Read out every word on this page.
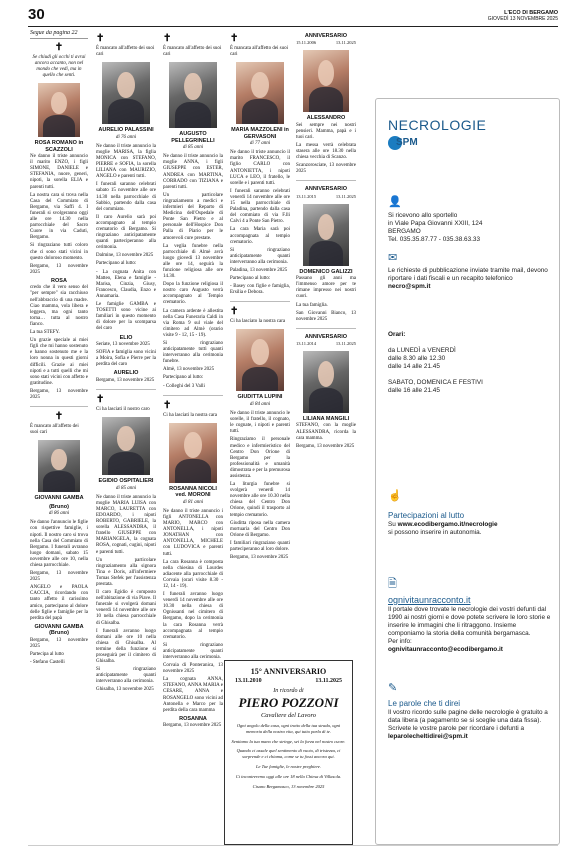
30	L'ECO DI BERGAMO
GIOVEDÌ 13 NOVEMBRE 2025
Segue da pagina 22
✝
Se chiudi gli occhi ti avrai ancora accanto, non nel mondo che vedi, ma in quello che senti.
ROSA ROMANO in SCAZZOLI

Ne danno il triste annuncio il marito ENZO, i figli SIMONE, DANIELE e STEFANIA, nuore, generi, nipoti, la sorella ELIA e parenti tutti.

La nostra cara si trova nella Casa del Commiato di Bergamo, via Saffi 4. I funerali si svolgeranno oggi alle ore 14.30 nella parrocchiale del Sacro Cuore in via Caduti, Bergamo.

Si ringraziano tutti coloro che ci sono stati vicini in questo doloroso momento.

Bergamo, 13 novembre 2025

ROSA

credo che il vero senso del "per sempre" sia racchiuso nell'abbraccio di una madre. Ciao mamma, vola libera e leggera, ma ogni tanto torna… tutta al nostro fianco.

La tua STEFY.

Un grazie speciale ai miei figli che mi hanno sostenuto e hanno sostenuto me e la loro nonna in questi giorni difficili. Grazie ai miei nipoti e a tutti quelli che mi sono stati vicini con affetto e gratitudine.

Bergamo, 13 novembre 2025

✝
È mancato all'affetto dei suoi cari
GIOVANNI GAMBA
(Bruno)
di 86 anni

Ne danno l'annuncio le figlie con rispettive famiglie, i nipoti. Il nostro caro si trova nella Casa del Commiato di Bergamo. I funerali avranno luogo domani, sabato 15 novembre alle ore 10, nella chiesa parrocchiale.

Bergamo, 13 novembre 2025

ANGELO e PAOLA CACCIA, ricordando con tanto affetto il carissimo amico, partecipano al dolore delle figlie e famiglie per la perdita del papà

GIOVANNI GAMBA (Bruno)

Bergamo, 13 novembre 2025

Partecipa al lutto

- Stefano Castelli

✝
È mancato all'affetto dei suoi cari
AURELIO PALASSINI
di 76 anni

Ne danno il triste annuncio la moglie MARISA, la figlia MONICA con STEFANO, PIERRE e SOFIA, la sorella LILIANA con MAURIZIO, ANGELO e parenti tutti.

I funerali saranno celebrati sabato 15 novembre alle ore 14.30 nella parrocchiale di Sabbio, partendo dalla casa del commiato.

Il caro Aurelio sarà poi accompagnato al tempio crematorio di Bergamo. Si ringraziano anticipatamente quanti parteciperanno alla cerimonia.

Dalmine, 13 novembre 2025

Partecipano al lutto:

- La cognata Anita con Matteo, Elena e famiglie - Marisa, Cinzia, Giusy, Francesco, Claudia, Enzo e Annamaria.

Le famiglie GAMBA e TOSETTI sono vicine ai familiari in questo momento di dolore per la scomparsa del caro

ELIO

Seriate, 13 novembre 2025

SOFIA e famiglia sono vicini a Moira, Sofia e Pierre per la perdita del caro

AURELIO

Bergamo, 13 novembre 2025

✝
Ci ha lasciati il nostro caro
EGIDIO OSPITALIERI
di 85 anni

Ne danno il triste annuncio la moglie MARIA LUISA con MARCO, LAURETTA con EDOARDO, i nipoti ROBERTO, GABRIELE, la sorella ALESSANDRA, il fratello GIUSEPPE con MARIANGELA, la cognata ROSA, cognati, cugini, nipoti e parenti tutti.

Un particolare ringraziamento alla signora Tina e Doris, all'infermiere Tomas Stefek per l'assistenza prestata.

Il caro Egidio è composto nell'abitazione di via Piave. Il funerale si svolgerà domani venerdì 14 novembre alle ore 10 nella chiesa parrocchiale di Ghisalba.

I funerali avranno luogo domani alle ore 10 nella chiesa di Ghisalba. Al termine della funzione si proseguirà per il cimitero di Ghisalba.

Si ringraziano anticipatamente quanti interverranno alla cerimonia.

Ghisalba, 13 novembre 2025

✝
È mancato all'affetto dei suoi cari
AUGUSTO PELLEGRINELLI
di 85 anni

Ne danno il triste annuncio la moglie ANNA, i figli GIUSEPPE con ESTER, ANDREA con MARTINA, CORRADO con TIZIANA e parenti tutti.

Un particolare ringraziamento a medici e infermieri del Reparto di Medicina dell'Ospedale di Ponte San Pietro e al personale dell'Hospice Don Palla di Piario per le amorevoli cure prestate.

La veglia funebre nella parrocchiale di Almè avrà luogo giovedì 13 novembre alle ore 14, seguirà la funzione religiosa alle ore 14.30.

Dopo la funzione religiosa il nostro caro Augusto verrà accompagnato al Tempio crematorio.

La camera ardente è allestita nella Casa Funeraria Caldi in via Roma 9 sul viale del cimitero ad Almè (orario visite 9 - 12, 15 - 19).

Si ringraziano anticipatamente tutti quanti interverranno alla cerimonia funebre.

Almè, 13 novembre 2025

Partecipano al lutto:

- Colleghi del 3 Valli

✝
Ci ha lasciati la nostra cara
ROSANNA NICOLI ved. MORONI
di 81 anni

Ne danno il triste annuncio i figli ANTONELLA con MARIO, MARCO con ANTONELLA, i nipoti JONATHAN con ANTONELLA, MICHELE con LUDOVICA e parenti tutti.

La cara Rosanna è composta nella chiesina di Lourdes adiacente alla parrocchiale di Corvaia (orari visite 8.30 - 12, 14 - 19).

I funerali avranno luogo venerdì 14 novembre alle ore 10.30 nella chiesa di Ognissanti nel cimitero di Bergamo, dopo la cerimonia la cara Rosanna verrà accompagnata al tempio crematorio.

Si ringraziano anticipatamente quanti interverranno alla cerimonia.

Corvaia di Ponteranica, 13 novembre 2025

La cognata ANNA, STEFANO, ANNA MARIA e CESARE, ANNA e ROSANGELO sono vicini ad Antonella e Marco per la perdita della cara mamma

ROSANNA

Bergamo, 13 novembre 2025

✝
È mancata all'affetto dei suoi cari
MARIA MAZZOLENI in GERVASONI
di 77 anni

Ne danno il triste annuncio il marito FRANCESCO, il figlio CARLO con ANTONIETTA, i nipoti LUCA e LEO, il fratello, le sorelle e i parenti tutti.

I funerali saranno celebrati venerdì 14 novembre alle ore 15 nella parrocchiale di Paladina, partendo dalla casa del commiato di via F.lli Calvi 4 a Ponte San Pietro.

La cara Maria sarà poi accompagnata al tempio crematorio.

Si ringraziano anticipatamente quanti interverranno alla cerimonia.

Paladina, 13 novembre 2025

Partecipano al lutto:

- Basey con figlie e famiglia, Ersilia e Debora.

✝
Ci ha lasciato la nostra cara
GIUDITTA LUPINI
di 84 anni

Ne danno il triste annuncio le sorelle, il fratello, il cognato, le cognate, i nipoti e parenti tutti.

Ringraziamo il personale medico e infermieristico del Centro Don Orione di Bergamo per la professionalità e umanità dimostrata e per la premurosa assistenza.

La liturgia funebre si svolgerà venerdì 14 novembre alle ore 10.30 nella chiesa del Centro Don Orione, quindi il trasporto al tempio crematorio.

Giuditta riposa nella camera mortuaria del Centro Don Orione di Bergamo.

I familiari ringraziano quanti parteciperanno al loro dolore.

Bergamo, 13 novembre 2025

ANNIVERSARIO
15.11.2006	13.11.2025
ALESSANDRO

Sei sempre nei nostri pensieri. Mamma, papà e i tuoi cari.

La messa verrà celebrata stasera alle ore 18.30 nella chiesa vecchia di Scanzo.

Scanzorosciate, 13 novembre 2025

ANNIVERSARIO
13.11.2015	13.11.2025
DOMENICO GALIZZI

Passano gli anni ma l'immenso amore per te rimane impresso nei nostri cuori.

La tua famiglia.

San Giovanni Bianco, 13 novembre 2025

ANNIVERSARIO
13.11.2014	13.11.2025
LILIANA MANGILI

STEFANO, con la moglie ALESSANDRA, ricorda la cara mamma.

Bergamo, 13 novembre 2025

15° ANNIVERSARIO
13.11.2010	13.11.2025
In ricordo di
PIERO POZZONI
Cavaliere del Lavoro
Ogni angolo della casa, ogni tratto della tua strada, ogni memoria della nostra vita, qui tutto parla di te.
Sentiamo la tua mano che stringe, sei la forza nel nostro cuore.
Quando ci assale quel sentimento di vuoto, di tristezza, ci sorprende e ci chiama, come se tu fossi ancora qui.
Le Tue famiglie, le nostre preghiere.
Ci incontreremo oggi alle ore 18 nella Chiesa di Villasola.
Cisano Bergamasco, 13 novembre 2025
NECROLOGIE
SPM
👤
Si ricevono allo sportello
in Viale Papa Giovanni XXIII, 124
BERGAMO
Tel. 035.35.87.77 - 035.38.63.33
✉
Le richieste di pubblicazione inviate tramite mail, devono riportare i dati fiscali e un recapito telefonico
necro@spm.it
Orari:
da LUNEDÌ a VENERDÌ
dalle 8.30 alle 12.30
dalle 14 alle 21.45
SABATO, DOMENICA E FESTIVI
dalle 16 alle 21.45
☝
Partecipazioni al lutto
Su www.ecodibergamo.it/necrologie
si possono inserire in autonomia.
🗎
ognivitaunracconto.it
Il portale dove trovate le necrologie dei vostri defunti dal 1990 ai nostri giorni e dove potete scrivere le loro storie e inserire le immagini che li ritraggono. Insieme componiamo la storia della comunità bergamasca.
Per info:
ognivitaunracconto@ecodibergamo.it
✎
Le parole che ti direi
Il vostro ricordo sulle pagine delle necrologie è gratuito a data libera (a pagamento se si sceglie una data fissa). Scrivete le vostre parole per ricordare i defunti a
leparolecheltidirei@spm.it
